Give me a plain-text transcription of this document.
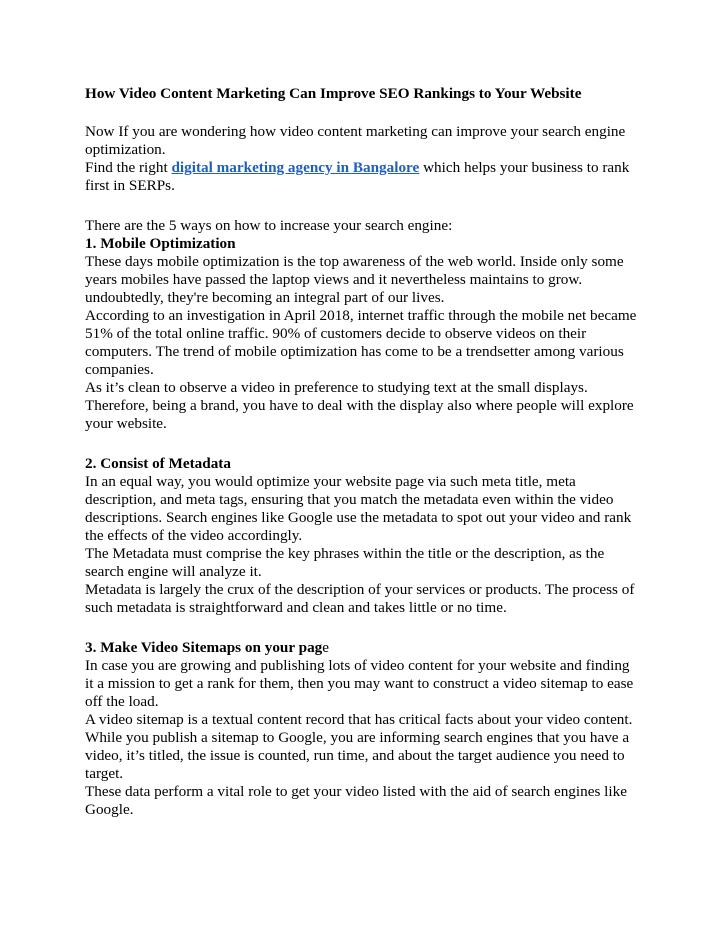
How Video Content Marketing Can Improve SEO Rankings to Your Website

Now If you are wondering how video content marketing can improve your search engine optimization.

Find the right digital marketing agency in Bangalore which helps your business to rank first in SERPs.

There are the 5 ways on how to increase your search engine:

1. Mobile Optimization

These days mobile optimization is the top awareness of the web world. Inside only some years mobiles have passed the laptop views and it nevertheless maintains to grow. undoubtedly, they're becoming an integral part of our lives.

According to an investigation in April 2018, internet traffic through the mobile net became 51% of the total online traffic. 90% of customers decide to observe videos on their computers. The trend of mobile optimization has come to be a trendsetter among various companies.

As it’s clean to observe a video in preference to studying text at the small displays. Therefore, being a brand, you have to deal with the display also where people will explore your website.

2. Consist of Metadata

In an equal way, you would optimize your website page via such meta title, meta description, and meta tags, ensuring that you match the metadata even within the video descriptions. Search engines like Google use the metadata to spot out your video and rank the effects of the video accordingly.

The Metadata must comprise the key phrases within the title or the description, as the search engine will analyze it.

Metadata is largely the crux of the description of your services or products. The process of such metadata is straightforward and clean and takes little or no time.

3. Make Video Sitemaps on your page

In case you are growing and publishing lots of video content for your website and finding it a mission to get a rank for them, then you may want to construct a video sitemap to ease off the load.

A video sitemap is a textual content record that has critical facts about your video content. While you publish a sitemap to Google, you are informing search engines that you have a video, it’s titled, the issue is counted, run time, and about the target audience you need to target.

These data perform a vital role to get your video listed with the aid of search engines like Google.
